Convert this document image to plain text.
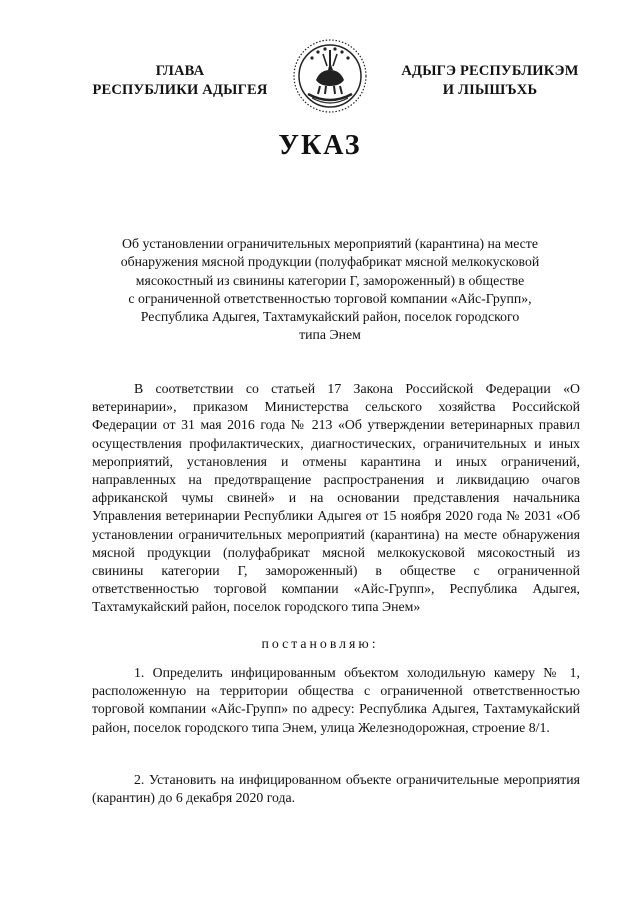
ГЛАВА
РЕСПУБЛИКИ АДЫГЕЯ
АДЫГЭ РЕСПУБЛИКЭМ
И ЛІЫШЪХЬ
УКАЗ
Об установлении ограничительных мероприятий (карантина) на месте
обнаружения мясной продукции (полуфабрикат мясной мелкокусковой
мясокостный из свинины категории Г, замороженный) в обществе
с ограниченной ответственностью торговой компании «Айс-Групп»,
Республика Адыгея, Тахтамукайский район, поселок городского
типа Энем

В соответствии со статьей 17 Закона Российской Федерации «О ветеринарии», приказом Министерства сельского хозяйства Российской Федерации от 31 мая 2016 года № 213 «Об утверждении ветеринарных правил осуществления профилактических, диагностических, ограничительных и иных мероприятий, установления и отмены карантина и иных ограничений, направленных на предотвращение распространения и ликвидацию очагов африканской чумы свиней» и на основании представления начальника Управления ветеринарии Республики Адыгея от 15 ноября 2020 года № 2031 «Об установлении ограничительных мероприятий (карантина) на месте обнаружения мясной продукции (полуфабрикат мясной мелкокусковой мясокостный из свинины категории Г, замороженный) в обществе с ограниченной ответственностью торговой компании «Айс-Групп», Республика Адыгея, Тахтамукайский район, поселок городского типа Энем»

постановляю:

1. Определить инфицированным объектом холодильную камеру № 1, расположенную на территории общества с ограниченной ответственностью торговой компании «Айс-Групп» по адресу: Республика Адыгея, Тахтамукайский район, поселок городского типа Энем, улица Железнодорожная, строение 8/1.

2. Установить на инфицированном объекте ограничительные мероприятия (карантин) до 6 декабря 2020 года.
